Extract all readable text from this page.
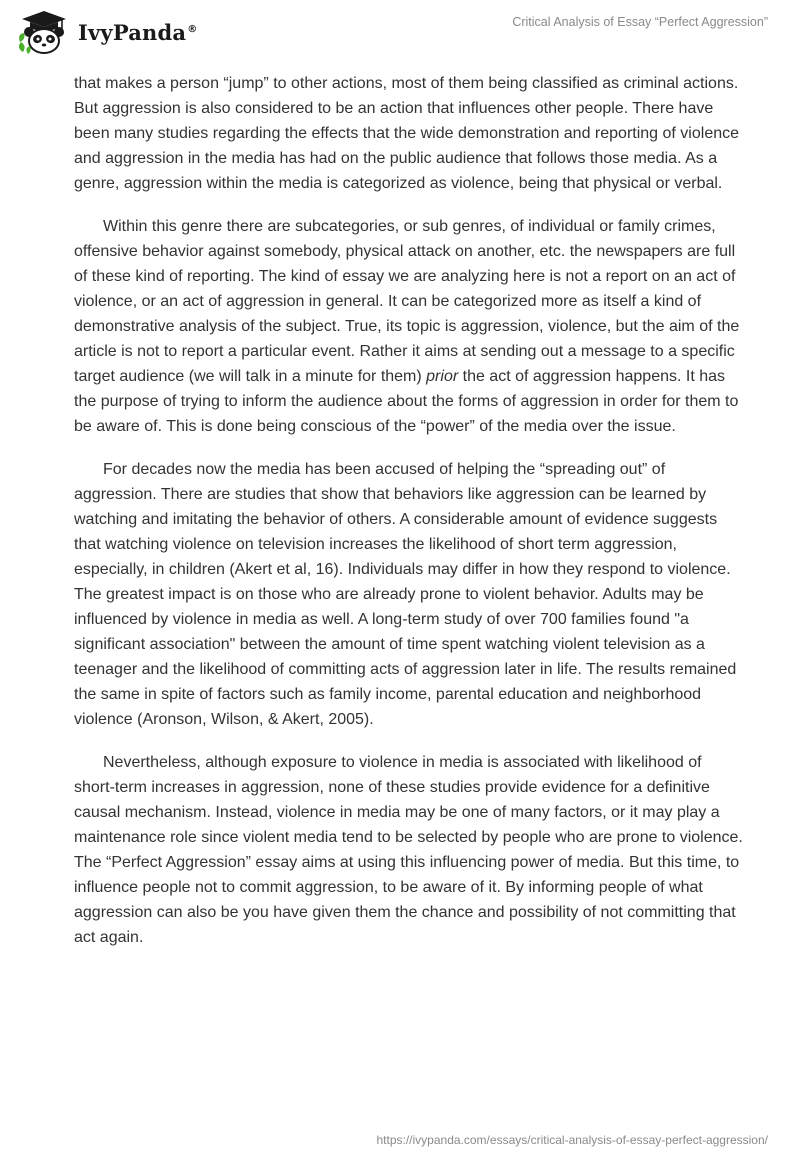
IvyPanda®	Critical Analysis of Essay “Perfect Aggression”

that makes a person “jump” to other actions, most of them being classified as criminal actions. But aggression is also considered to be an action that influences other people. There have been many studies regarding the effects that the wide demonstration and reporting of violence and aggression in the media has had on the public audience that follows those media. As a genre, aggression within the media is categorized as violence, being that physical or verbal.

Within this genre there are subcategories, or sub genres, of individual or family crimes, offensive behavior against somebody, physical attack on another, etc. the newspapers are full of these kind of reporting. The kind of essay we are analyzing here is not a report on an act of violence, or an act of aggression in general. It can be categorized more as itself a kind of demonstrative analysis of the subject. True, its topic is aggression, violence, but the aim of the article is not to report a particular event. Rather it aims at sending out a message to a specific target audience (we will talk in a minute for them) prior the act of aggression happens. It has the purpose of trying to inform the audience about the forms of aggression in order for them to be aware of. This is done being conscious of the “power” of the media over the issue.

For decades now the media has been accused of helping the “spreading out” of aggression. There are studies that show that behaviors like aggression can be learned by watching and imitating the behavior of others. A considerable amount of evidence suggests that watching violence on television increases the likelihood of short term aggression, especially, in children (Akert et al, 16). Individuals may differ in how they respond to violence. The greatest impact is on those who are already prone to violent behavior. Adults may be influenced by violence in media as well. A long-term study of over 700 families found "a significant association" between the amount of time spent watching violent television as a teenager and the likelihood of committing acts of aggression later in life. The results remained the same in spite of factors such as family income, parental education and neighborhood violence (Aronson, Wilson, & Akert, 2005).

Nevertheless, although exposure to violence in media is associated with likelihood of short-term increases in aggression, none of these studies provide evidence for a definitive causal mechanism. Instead, violence in media may be one of many factors, or it may play a maintenance role since violent media tend to be selected by people who are prone to violence. The “Perfect Aggression” essay aims at using this influencing power of media. But this time, to influence people not to commit aggression, to be aware of it. By informing people of what aggression can also be you have given them the chance and possibility of not committing that act again.

https://ivypanda.com/essays/critical-analysis-of-essay-perfect-aggression/
